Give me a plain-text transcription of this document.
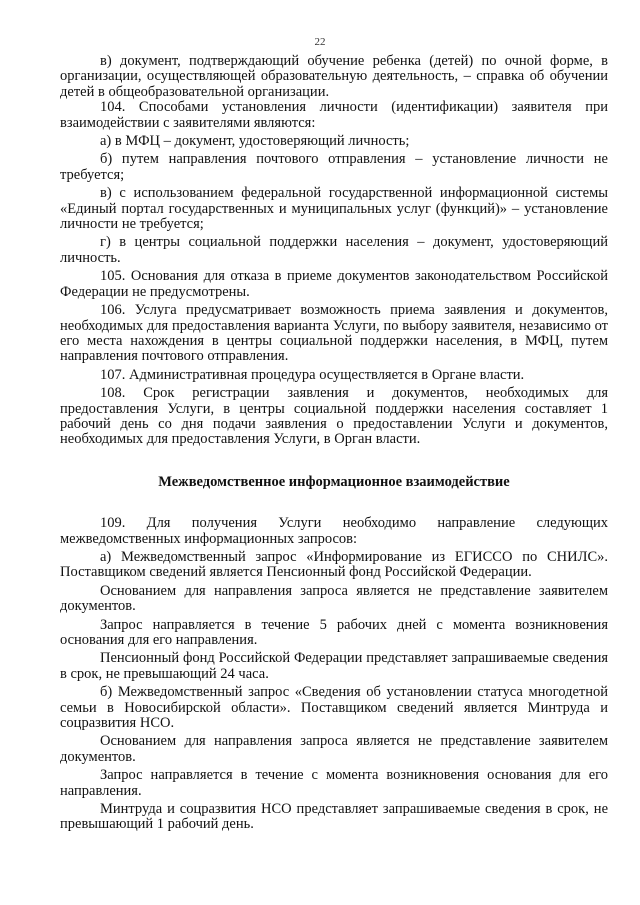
22

в) документ, подтверждающий обучение ребенка (детей) по очной форме, в организации, осуществляющей образовательную деятельность, – справка об обучении детей в общеобразовательной организации.

104. Способами установления личности (идентификации) заявителя при взаимодействии с заявителями являются:

а) в МФЦ – документ, удостоверяющий личность;

б) путем направления почтового отправления – установление личности не требуется;

в) с использованием федеральной государственной информационной системы «Единый портал государственных и муниципальных услуг (функций)» – установление личности не требуется;

г) в центры социальной поддержки населения – документ, удостоверяющий личность.

105. Основания для отказа в приеме документов законодательством Российской Федерации не предусмотрены.

106. Услуга предусматривает возможность приема заявления и документов, необходимых для предоставления варианта Услуги, по выбору заявителя, независимо от его места нахождения в центры социальной поддержки населения, в МФЦ, путем направления почтового отправления.

107. Административная процедура осуществляется в Органе власти.

108. Срок регистрации заявления и документов, необходимых для предоставления Услуги, в центры социальной поддержки населения составляет 1 рабочий день со дня подачи заявления о предоставлении Услуги и документов, необходимых для предоставления Услуги, в Орган власти.

Межведомственное информационное взаимодействие

109. Для получения Услуги необходимо направление следующих межведомственных информационных запросов:

а) Межведомственный запрос «Информирование из ЕГИССО по СНИЛС». Поставщиком сведений является Пенсионный фонд Российской Федерации.

Основанием для направления запроса является не представление заявителем документов.

Запрос направляется в течение 5 рабочих дней с момента возникновения основания для его направления.

Пенсионный фонд Российской Федерации представляет запрашиваемые сведения в срок, не превышающий 24 часа.

б) Межведомственный запрос «Сведения об установлении статуса многодетной семьи в Новосибирской области». Поставщиком сведений является Минтруда и соцразвития НСО.

Основанием для направления запроса является не представление заявителем документов.

Запрос направляется в течение с момента возникновения основания для его направления.

Минтруда и соцразвития НСО представляет запрашиваемые сведения в срок, не превышающий 1 рабочий день.
